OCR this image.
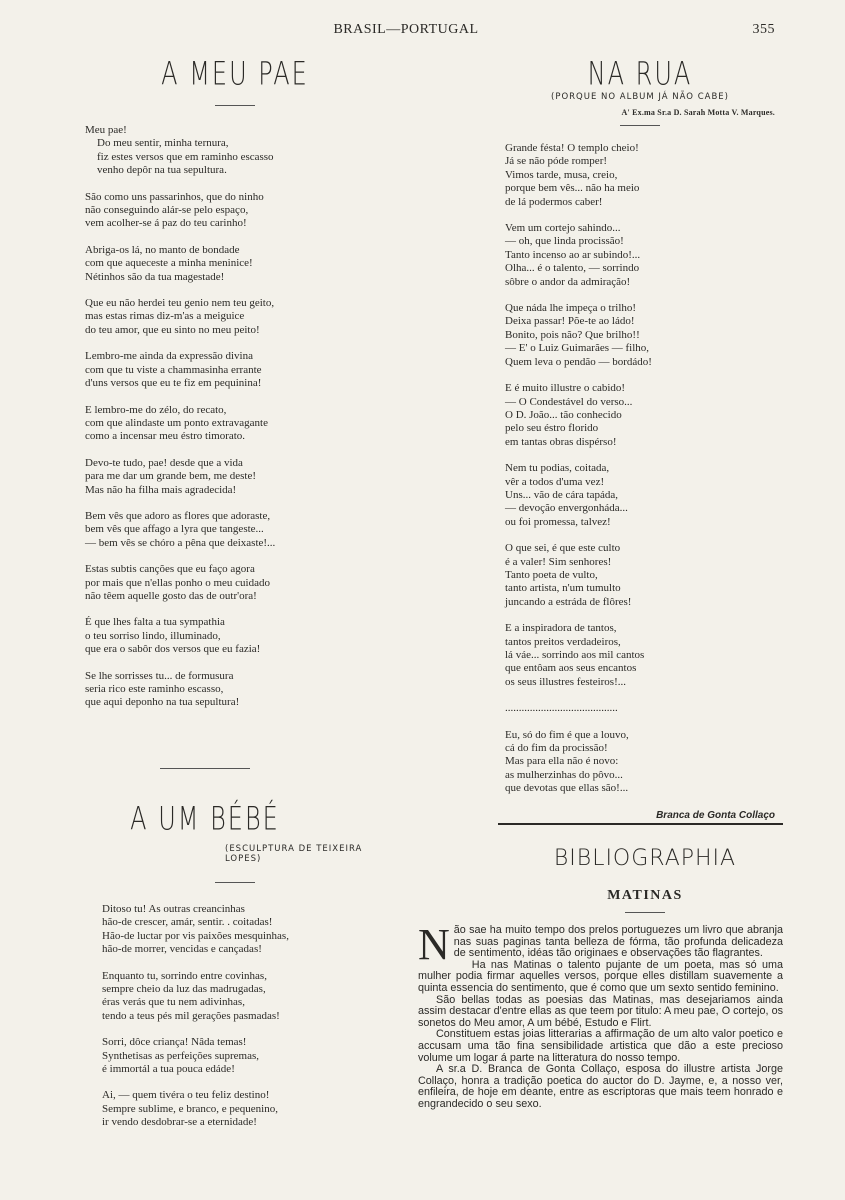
BRASIL—PORTUGAL	355
A MEU PAE
Meu pae!
Do meu sentir, minha ternura,
fiz estes versos que em raminho escasso
venho depôr na tua sepultura.
São como uns passarinhos, que do ninho
não conseguindo alár-se pelo espaço,
vem acolher-se á paz do teu carinho!
Abriga-os lá, no manto de bondade
com que aqueceste a minha meninice!
Nétinhos são da tua magestade!
Que eu não herdei teu genio nem teu geito,
mas estas rimas diz-m'as a meiguice
do teu amor, que eu sinto no meu peito!
Lembro-me ainda da expressão divina
com que tu viste a chammasinha errante
d'uns versos que eu te fiz em pequinina!
E lembro-me do zélo, do recato,
com que alindaste um ponto extravagante
como a incensar meu éstro timorato.
Devo-te tudo, pae! desde que a vida
para me dar um grande bem, me deste!
Mas não ha filha mais agradecida!
Bem vês que adoro as flores que adoraste,
bem vês que affago a lyra que tangeste...
— bem vês se chóro a pêna que deixaste!...
Estas subtis canções que eu faço agora
por mais que n'ellas ponho o meu cuidado
não têem aquelle gosto das de outr'ora!
É que lhes falta a tua sympathia
o teu sorriso lindo, illuminado,
que era o sabôr dos versos que eu fazia!
Se lhe sorrisses tu... de formusura
seria rico este raminho escasso,
que aqui deponho na tua sepultura!
A UM BÉBÉ
(ESCULPTURA DE TEIXEIRA LOPES)
Ditoso tu! As outras creancinhas
hão-de crescer, amár, sentir. . coitadas!
Hão-de luctar por vis paixões mesquinhas,
hão-de morrer, vencidas e cançadas!
Enquanto tu, sorrindo entre covinhas,
sempre cheio da luz das madrugadas,
éras verás que tu nem adivinhas,
tendo a teus pés mil gerações pasmadas!
Sorri, dôce criança! Nâda temas!
Synthetisas as perfeições supremas,
é immortál a tua pouca edáde!
Ai, — quem tivéra o teu feliz destino!
Sempre sublime, e branco, e pequenino,
ir vendo desdobrar-se a eternidade!
NA RUA
(PORQUE NO ALBUM JÁ NÃO CABE)
A' Ex.ma Sr.a D. Sarah Motta V. Marques.
Grande fésta! O templo cheio!
Já se não póde romper!
Vimos tarde, musa, creio,
porque bem vês... não ha meio
de lá podermos caber!
Vem um cortejo sahindo...
— oh, que linda procissão!
Tanto incenso ao ar subindo!...
Olha... é o talento, — sorrindo
sôbre o andor da admiração!
Que náda lhe impeça o trilho!
Deixa passar! Põe-te ao ládo!
Bonito, pois não? Que brilho!!
— E' o Luiz Guimarães — filho,
Quem leva o pendão — bordádo!
E é muito illustre o cabido!
— O Condestável do verso...
O D. João... tão conhecido
pelo seu éstro florido
em tantas obras dispérso!
Nem tu podias, coitada,
vêr a todos d'uma vez!
Uns... vão de cára tapáda,
— devoção envergonháda...
ou foi promessa, talvez!
O que sei, é que este culto
é a valer! Sim senhores!
Tanto poeta de vulto,
tanto artista, n'um tumulto
juncando a estráda de flôres!
E a inspiradora de tantos,
tantos preitos verdadeiros,
lá váe... sorrindo aos mil cantos
que entôam aos seus encantos
os seus illustres festeiros!...
.........................................
Eu, só do fim é que a louvo,
cá do fim da procissão!
Mas para ella não é novo:
as mulherzinhas do pôvo...
que devotas que ellas são!...
Branca de Gonta Collaço
BIBLIOGRAPHIA
MATINAS

Não sae ha muito tempo dos prelos portuguezes um livro que abranja nas suas paginas tanta belleza de fórma, tão profunda delicadeza de sentimento, idéas tão originaes e observações tão flagrantes.

Ha nas Matinas o talento pujante de um poeta, mas só uma mulher podia firmar aquelles versos, porque elles distillam suavemente a quinta essencia do sentimento, que é como que um sexto sentido feminino.

São bellas todas as poesias das Matinas, mas desejariamos ainda assim destacar d'entre ellas as que teem por titulo: A meu pae, O cortejo, os sonetos do Meu amor, A um bébé, Estudo e Flirt.

Constituem estas joias litterarias a affirmação de um alto valor poetico e accusam uma tão fina sensibilidade artistica que dão a este precioso volume um logar á parte na litteratura do nosso tempo.

A sr.a D. Branca de Gonta Collaço, esposa do illustre artista Jorge Collaço, honra a tradição poetica do auctor do D. Jayme, e, a nosso ver, enfileira, de hoje em deante, entre as escriptoras que mais teem honrado e engrandecido o seu sexo.
